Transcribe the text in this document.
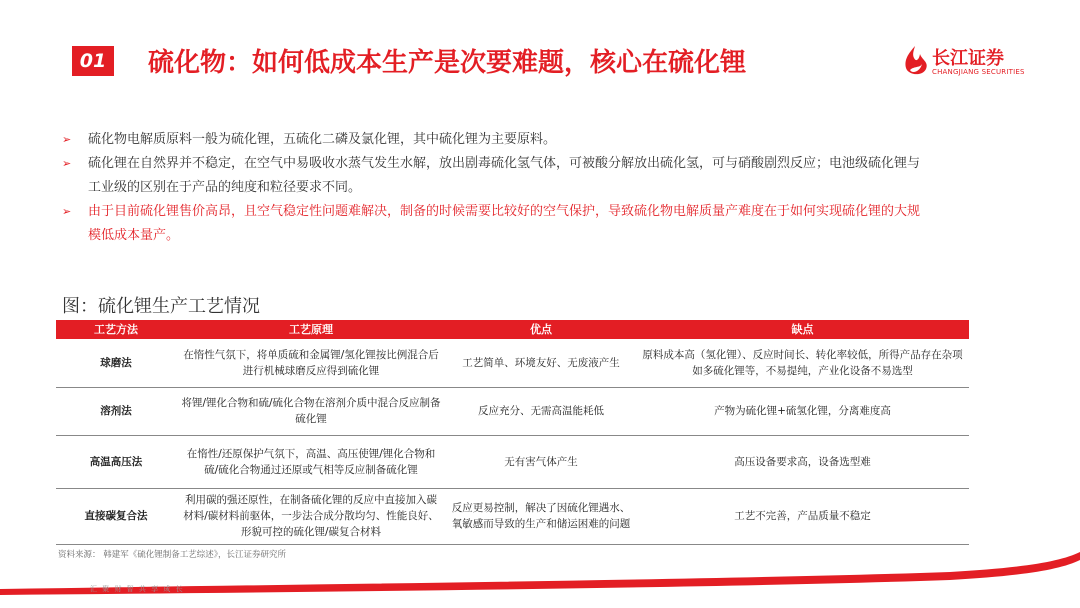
01 硫化物：如何低成本生产是次要难题，核心在硫化锂	长江证券
CHANGJIANG SECURITIES
➢ 硫化物电解质原料一般为硫化锂，五硫化二磷及氯化锂，其中硫化锂为主要原料。
➢ 硫化锂在自然界并不稳定，在空气中易吸收水蒸气发生水解，放出剧毒硫化氢气体，可被酸分解放出硫化氢，可与硝酸剧烈反应；电池级硫化锂与工业级的区别在于产品的纯度和粒径要求不同。
➢ 由于目前硫化锂售价高昂，且空气稳定性问题难解决，制备的时候需要比较好的空气保护，导致硫化物电解质量产难度在于如何实现硫化锂的大规模低成本量产。
图：硫化锂生产工艺情况
工艺方法	工艺原理	优点	缺点
球磨法	在惰性气氛下，将单质硫和金属锂/氢化锂按比例混合后进行机械球磨反应得到硫化锂	工艺简单、环境友好、无废液产生	原料成本高（氢化锂）、反应时间长、转化率较低，所得产品存在杂项如多硫化锂等，不易提纯，产业化设备不易选型
溶剂法	将锂/锂化合物和硫/硫化合物在溶剂介质中混合反应制备硫化锂	反应充分、无需高温能耗低	产物为硫化锂+硫氢化锂，分离难度高
高温高压法	在惰性/还原保护气氛下，高温、高压使锂/锂化合物和硫/硫化合物通过还原或气相等反应制备硫化锂	无有害气体产生	高压设备要求高，设备选型难
直接碳复合法	利用碳的强还原性，在制备硫化锂的反应中直接加入碳材料/碳材料前驱体，一步法合成分散均匀、性能良好、形貌可控的硫化锂/碳复合材料	反应更易控制，解决了因硫化锂遇水、氧敏感而导致的生产和储运困难的问题	工艺不完善，产品质量不稳定
资料来源： 韩建军《硫化锂制备工艺综述》，长江证券研究所
汇 聚 财 智 共 享 成 长
